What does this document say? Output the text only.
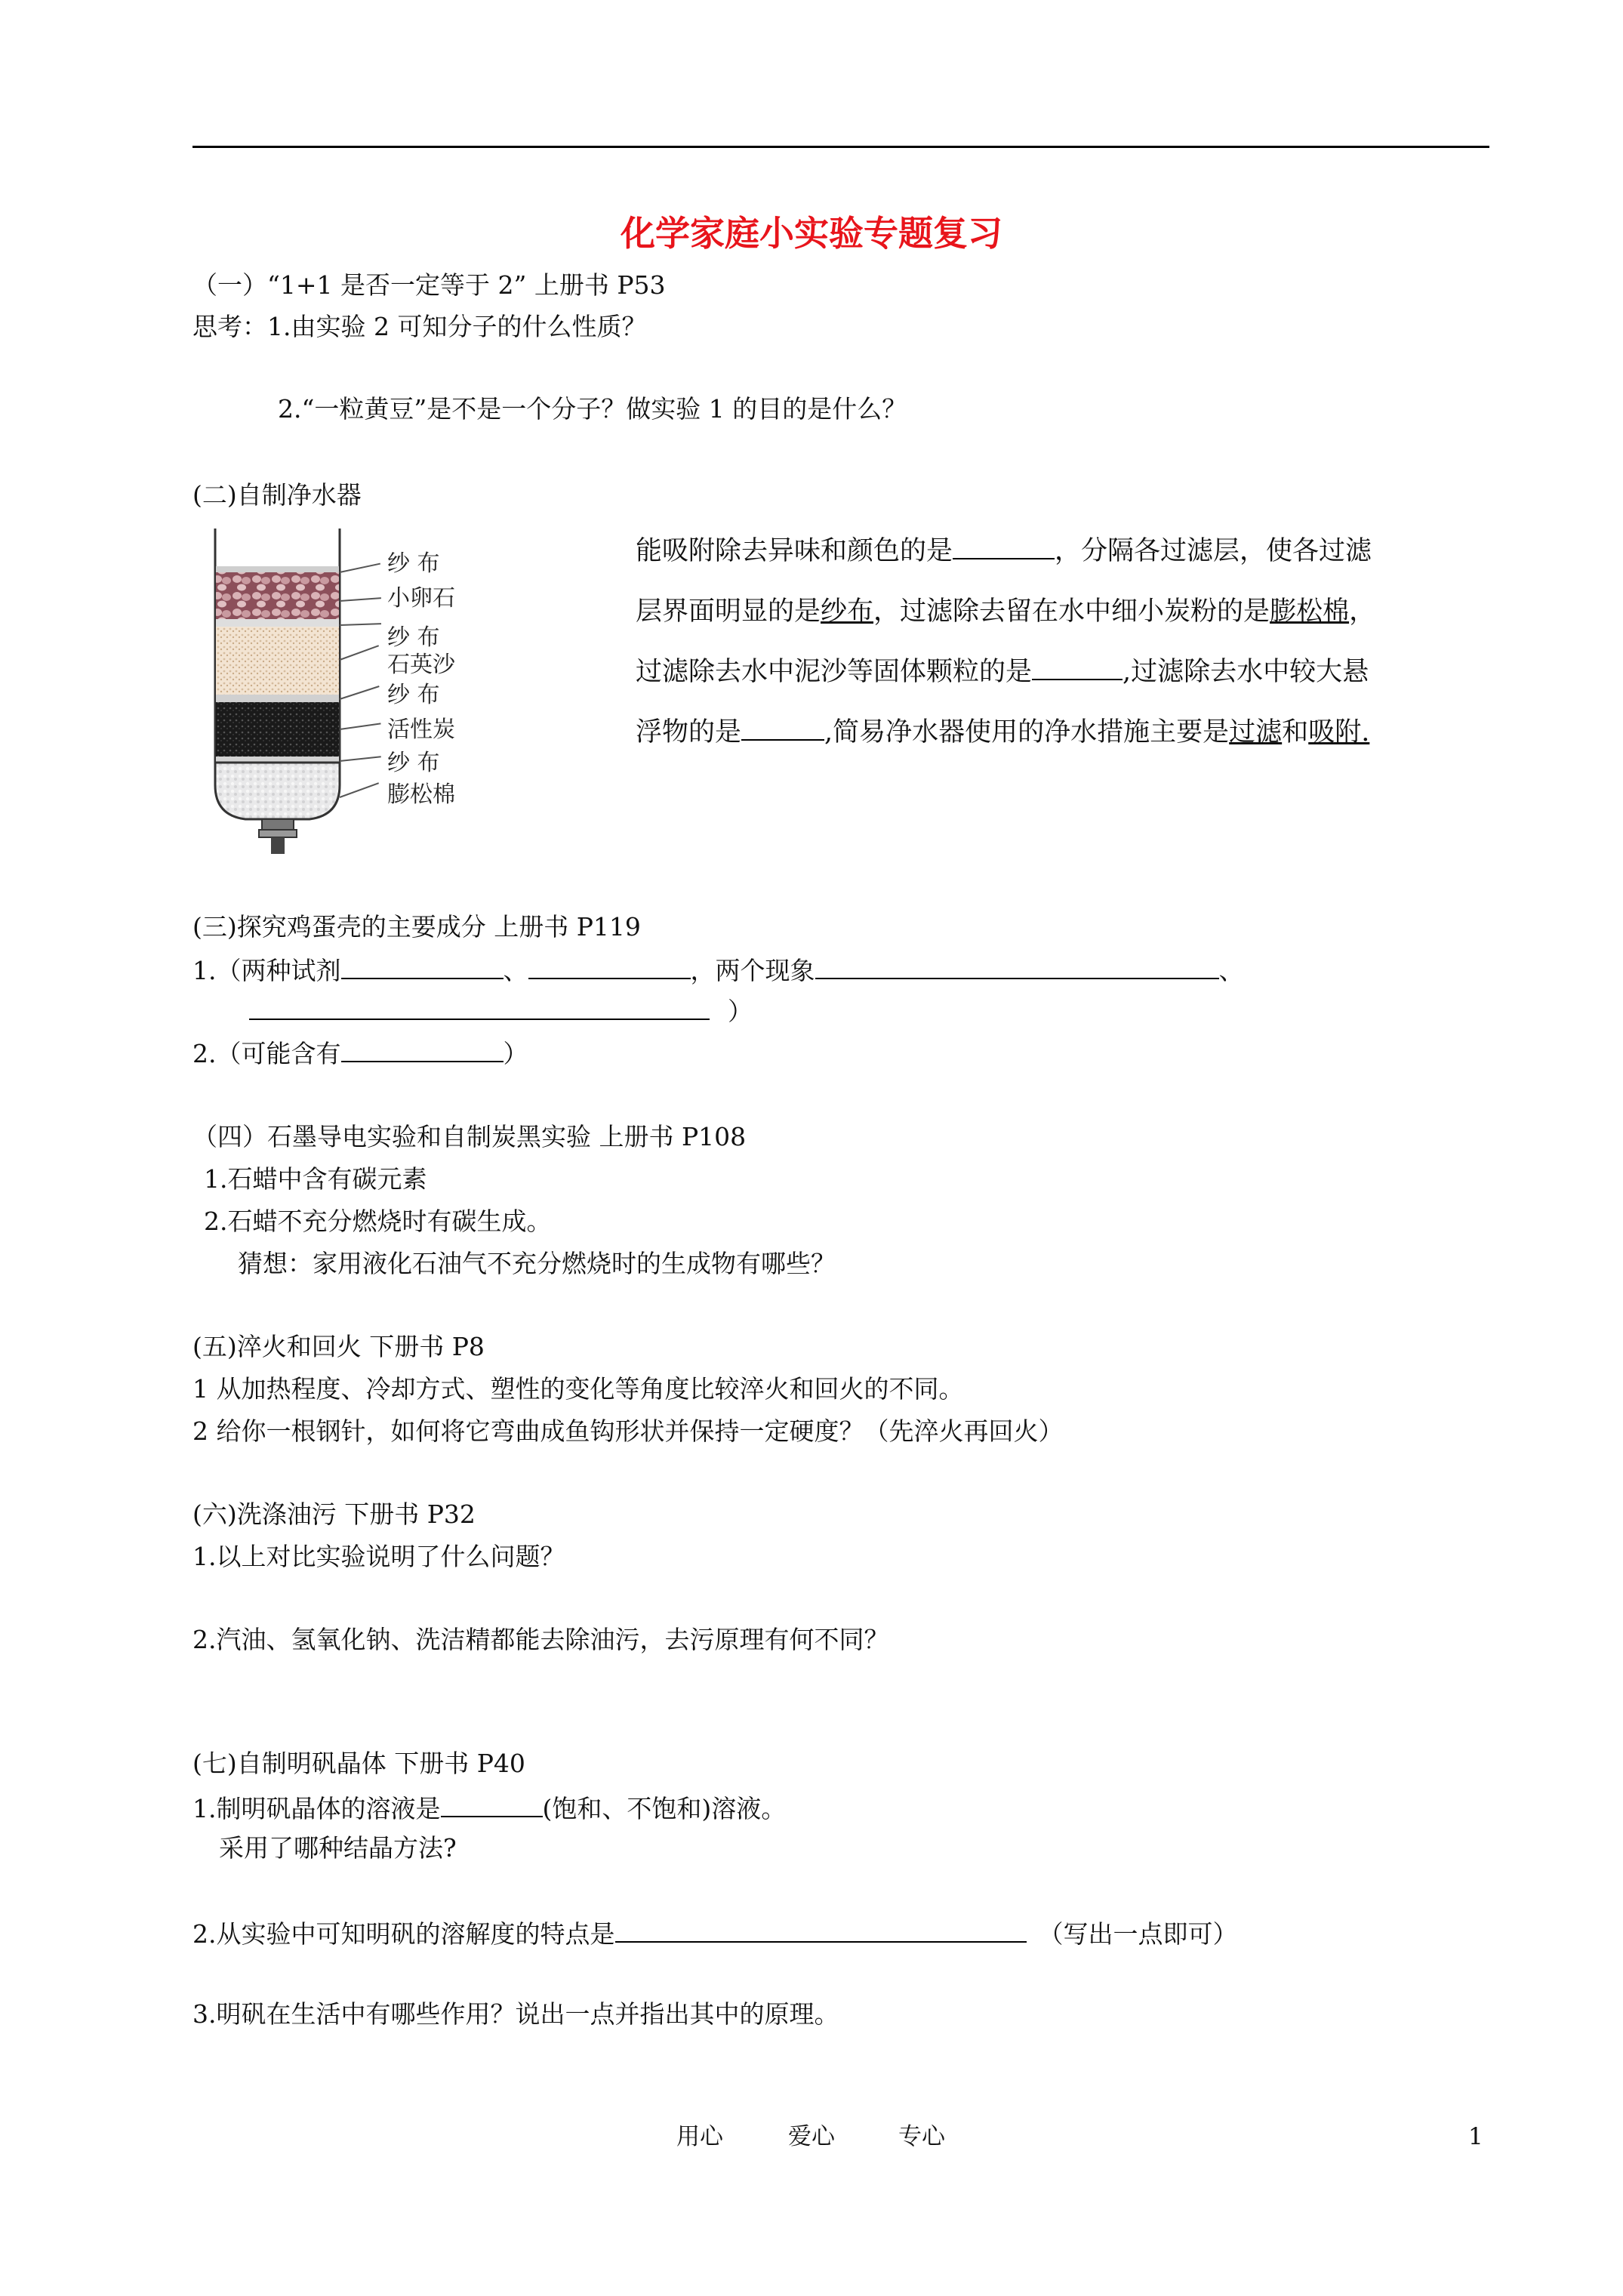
化学家庭小实验专题复习
（一）“1+1 是否一定等于 2” 上册书 P53
思考：1.由实验 2 可知分子的什么性质？
2.“一粒黄豆”是不是一个分子？做实验 1 的目的是什么？
(二)自制净水器
纱 布
小卵石
纱 布
石英沙
纱 布
活性炭
纱 布
膨松棉
能吸附除去异味和颜色的是	，分隔各过滤层，使各过滤层界面明显的是纱布，过滤除去留在水中细小炭粉的是膨松棉，过滤除去水中泥沙等固体颗粒的是	,过滤除去水中较大悬浮物的是	,简易净水器使用的净水措施主要是过滤和吸附.
(三)探究鸡蛋壳的主要成分 上册书 P119
1.（两种试剂	、	，两个现象	、
）
2.（可能含有	）
（四）石墨导电实验和自制炭黑实验 上册书 P108
1.石蜡中含有碳元素
2.石蜡不充分燃烧时有碳生成。
猜想：家用液化石油气不充分燃烧时的生成物有哪些？
(五)淬火和回火 下册书 P8
1 从加热程度、冷却方式、塑性的变化等角度比较淬火和回火的不同。
2 给你一根钢针，如何将它弯曲成鱼钩形状并保持一定硬度？（先淬火再回火）
(六)洗涤油污 下册书 P32
1.以上对比实验说明了什么问题？
2.汽油、氢氧化钠、洗洁精都能去除油污，去污原理有何不同？
(七)自制明矾晶体 下册书 P40
1.制明矾晶体的溶液是	(饱和、不饱和)溶液。
采用了哪种结晶方法?
2.从实验中可知明矾的溶解度的特点是	（写出一点即可）
3.明矾在生活中有哪些作用？说出一点并指出其中的原理。
用心	爱心	专心	1
